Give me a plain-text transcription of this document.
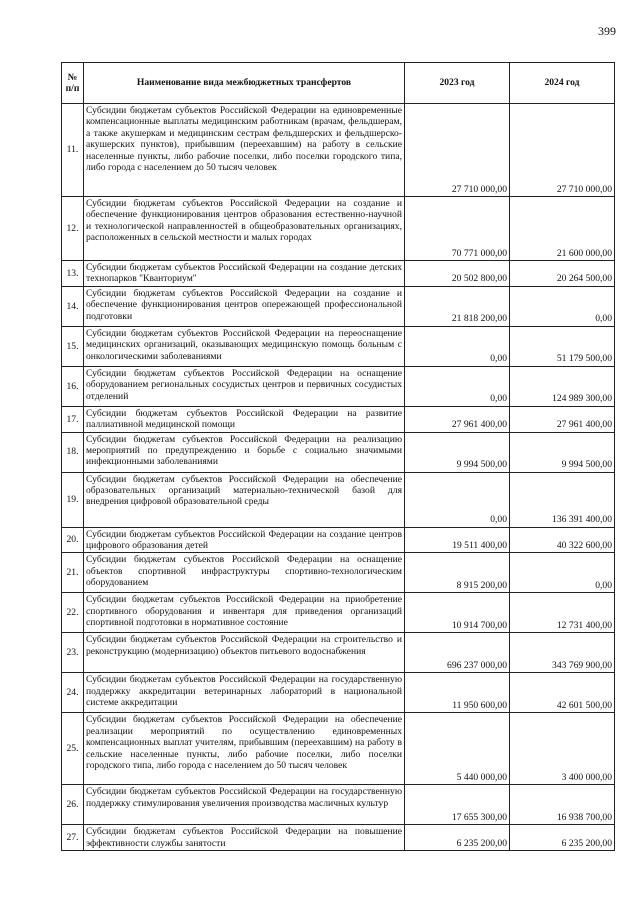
399
№ п/п	Наименование вида межбюджетных трансфертов	2023 год	2024 год
11.	Субсидии бюджетам субъектов Российской Федерации на единовременные компенсационные выплаты медицинским работникам (врачам, фельдшерам, а также акушеркам и медицинским сестрам фельдшерских и фельдшерско-акушерских пунктов), прибывшим (переехавшим) на работу в сельские населенные пункты, либо рабочие поселки, либо поселки городского типа, либо города с населением до 50 тысяч человек	27 710 000,00	27 710 000,00
12.	Субсидии бюджетам субъектов Российской Федерации на создание и обеспечение функционирования центров образования естественно-научной и технологической направленностей в общеобразовательных организациях, расположенных в сельской местности и малых городах	70 771 000,00	21 600 000,00
13.	Субсидии бюджетам субъектов Российской Федерации на создание детских технопарков "Кванториум"	20 502 800,00	20 264 500,00
14.	Субсидии бюджетам субъектов Российской Федерации на создание и обеспечение функционирования центров опережающей профессиональной подготовки	21 818 200,00	0,00
15.	Субсидии бюджетам субъектов Российской Федерации на переоснащение медицинских организаций, оказывающих медицинскую помощь больным с онкологическими заболеваниями	0,00	51 179 500,00
16.	Субсидии бюджетам субъектов Российской Федерации на оснащение оборудованием региональных сосудистых центров и первичных сосудистых отделений	0,00	124 989 300,00
17.	Субсидии бюджетам субъектов Российской Федерации на развитие паллиативной медицинской помощи	27 961 400,00	27 961 400,00
18.	Субсидии бюджетам субъектов Российской Федерации на реализацию мероприятий по предупреждению и борьбе с социально значимыми инфекционными заболеваниями	9 994 500,00	9 994 500,00
19.	Субсидии бюджетам субъектов Российской Федерации на обеспечение образовательных организаций материально-технической базой для внедрения цифровой образовательной среды	0,00	136 391 400,00
20.	Субсидии бюджетам субъектов Российской Федерации на создание центров цифрового образования детей	19 511 400,00	40 322 600,00
21.	Субсидии бюджетам субъектов Российской Федерации на оснащение объектов спортивной инфраструктуры спортивно-технологическим оборудованием	8 915 200,00	0,00
22.	Субсидии бюджетам субъектов Российской Федерации на приобретение спортивного оборудования и инвентаря для приведения организаций спортивной подготовки в нормативное состояние	10 914 700,00	12 731 400,00
23.	Субсидии бюджетам субъектов Российской Федерации на строительство и реконструкцию (модернизацию) объектов питьевого водоснабжения	696 237 000,00	343 769 900,00
24.	Субсидии бюджетам субъектов Российской Федерации на государственную поддержку аккредитации ветеринарных лабораторий в национальной системе аккредитации	11 950 600,00	42 601 500,00
25.	Субсидии бюджетам субъектов Российской Федерации на обеспечение реализации мероприятий по осуществлению единовременных компенсационных выплат учителям, прибывшим (переехавшим) на работу в сельские населенные пункты, либо рабочие поселки, либо поселки городского типа, либо города с населением до 50 тысяч человек	5 440 000,00	3 400 000,00
26.	Субсидии бюджетам субъектов Российской Федерации на государственную поддержку стимулирования увеличения производства масличных культур	17 655 300,00	16 938 700,00
27.	Субсидии бюджетам субъектов Российской Федерации на повышение эффективности службы занятости	6 235 200,00	6 235 200,00
